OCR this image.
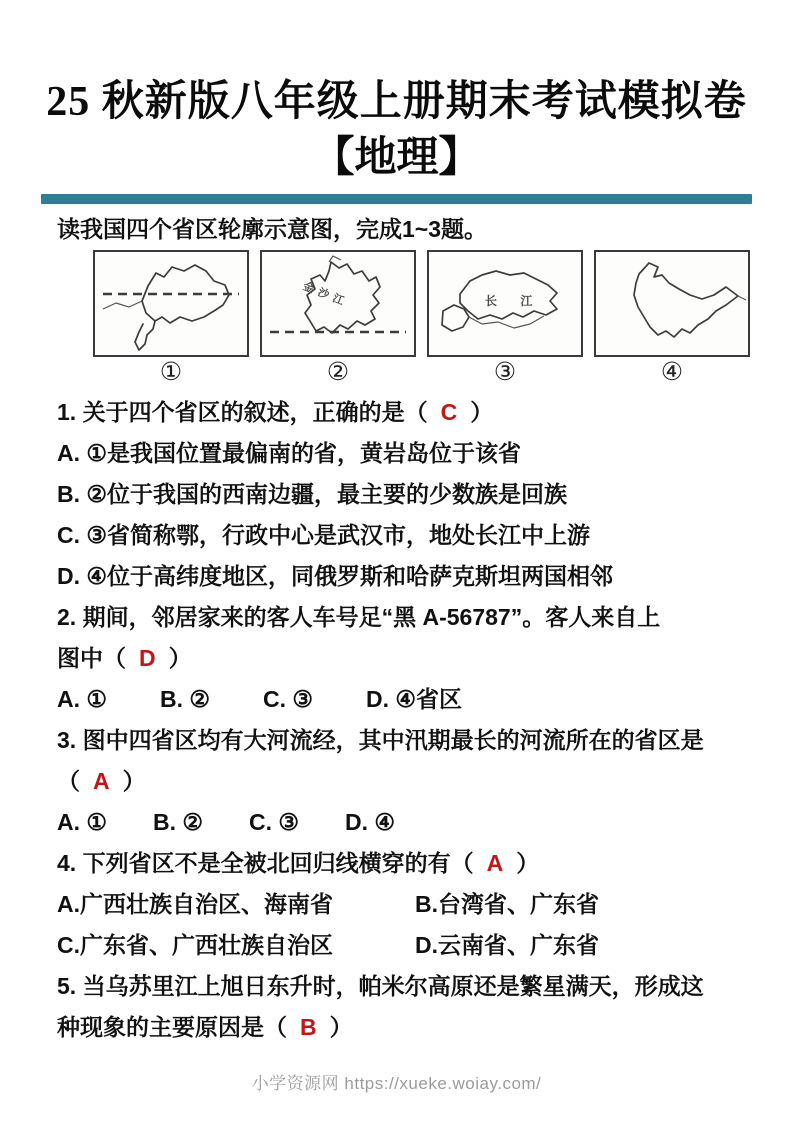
25 秋新版八年级上册期末考试模拟卷
【地理】

读我国四个省区轮廓示意图，完成1~3题。

①
金沙江
②
长 江
③	④

1. 关于四个省区的叙述，正确的是（ C ）

A. ①是我国位置最偏南的省，黄岩岛位于该省

B. ②位于我国的西南边疆，最主要的少数族是回族

C. ③省简称鄂，行政中心是武汉市，地处长江中上游

D. ④位于高纬度地区，同俄罗斯和哈萨克斯坦两国相邻

2. 期间，邻居家来的客人车号足“黑 A-56787”。客人来自上

图中（ D ）

A. ① B. ② C. ③ D. ④省区

3. 图中四省区均有大河流经，其中汛期最长的河流所在的省区是

（ A ）

A. ① B. ② C. ③ D. ④

4. 下列省区不是全被北回归线横穿的有（ A ）

A.广西壮族自治区、海南省	B.台湾省、广东省

C.广东省、广西壮族自治区	D.云南省、广东省

5. 当乌苏里江上旭日东升时，帕米尔高原还是繁星满天，形成这

种现象的主要原因是（ B ）

小学资源网 https://xueke.woiay.com/
